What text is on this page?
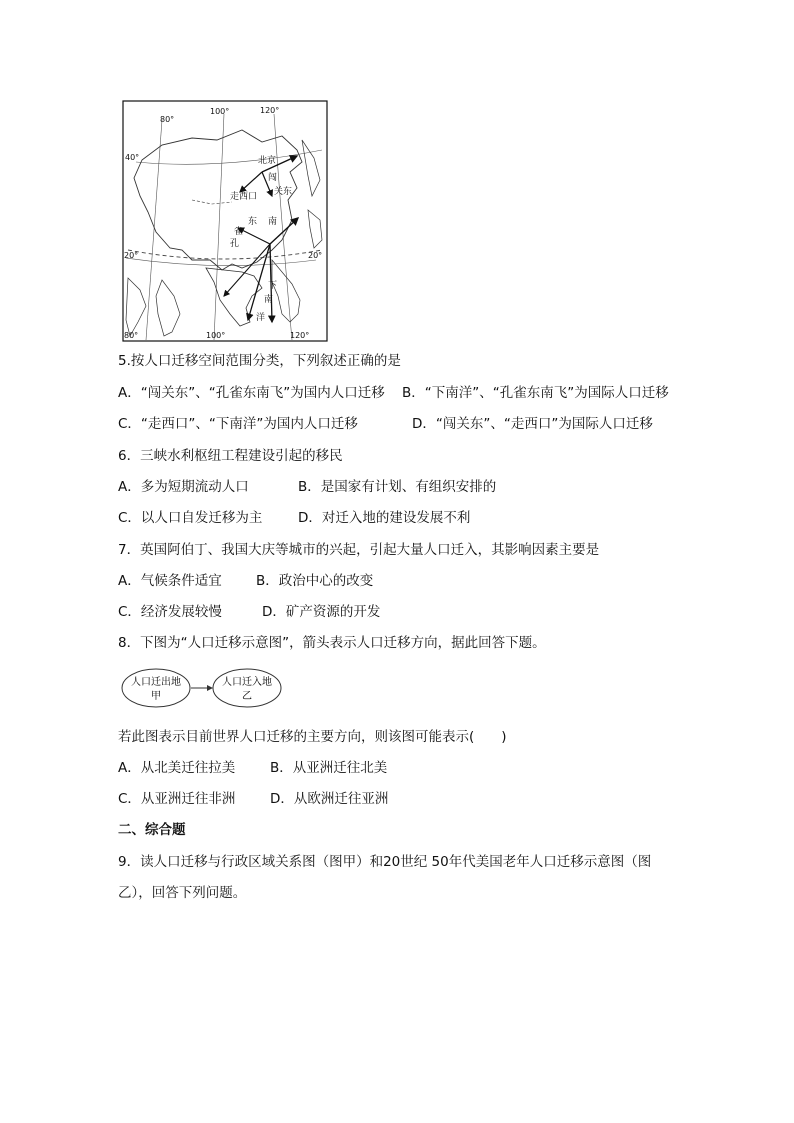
80°
100°	120°
40°
20°	20°
80°	100°	120°
北京
闯
关东
走西口
东 南
雀
孔
下
南
洋
5.按人口迁移空间范围分类，下列叙述正确的是
A．“闯关东”、“孔雀东南飞”为国内人口迁移 B．“下南洋”、“孔雀东南飞”为国际人口迁移
C．“走西口”、“下南洋”为国内人口迁移	D．“闯关东”、“走西口”为国际人口迁移
6．三峡水利枢纽工程建设引起的移民
A．多为短期流动人口	B．是国家有计划、有组织安排的
C．以人口自发迁移为主	D．对迁入地的建设发展不利
7．英国阿伯丁、我国大庆等城市的兴起，引起大量人口迁入，其影响因素主要是
A．气候条件适宜	B．政治中心的改变
C．经济发展较慢	D．矿产资源的开发
8．下图为“人口迁移示意图”，箭头表示人口迁移方向，据此回答下题。
人口迁出地
甲
人口迁入地
乙
若此图表示目前世界人口迁移的主要方向，则该图可能表示(　　)
A．从北美迁往拉美	B．从亚洲迁往北美
C．从亚洲迁往非洲	D．从欧洲迁往亚洲
二、综合题
9．读人口迁移与行政区域关系图（图甲）和20世纪 50年代美国老年人口迁移示意图（图
乙），回答下列问题。
